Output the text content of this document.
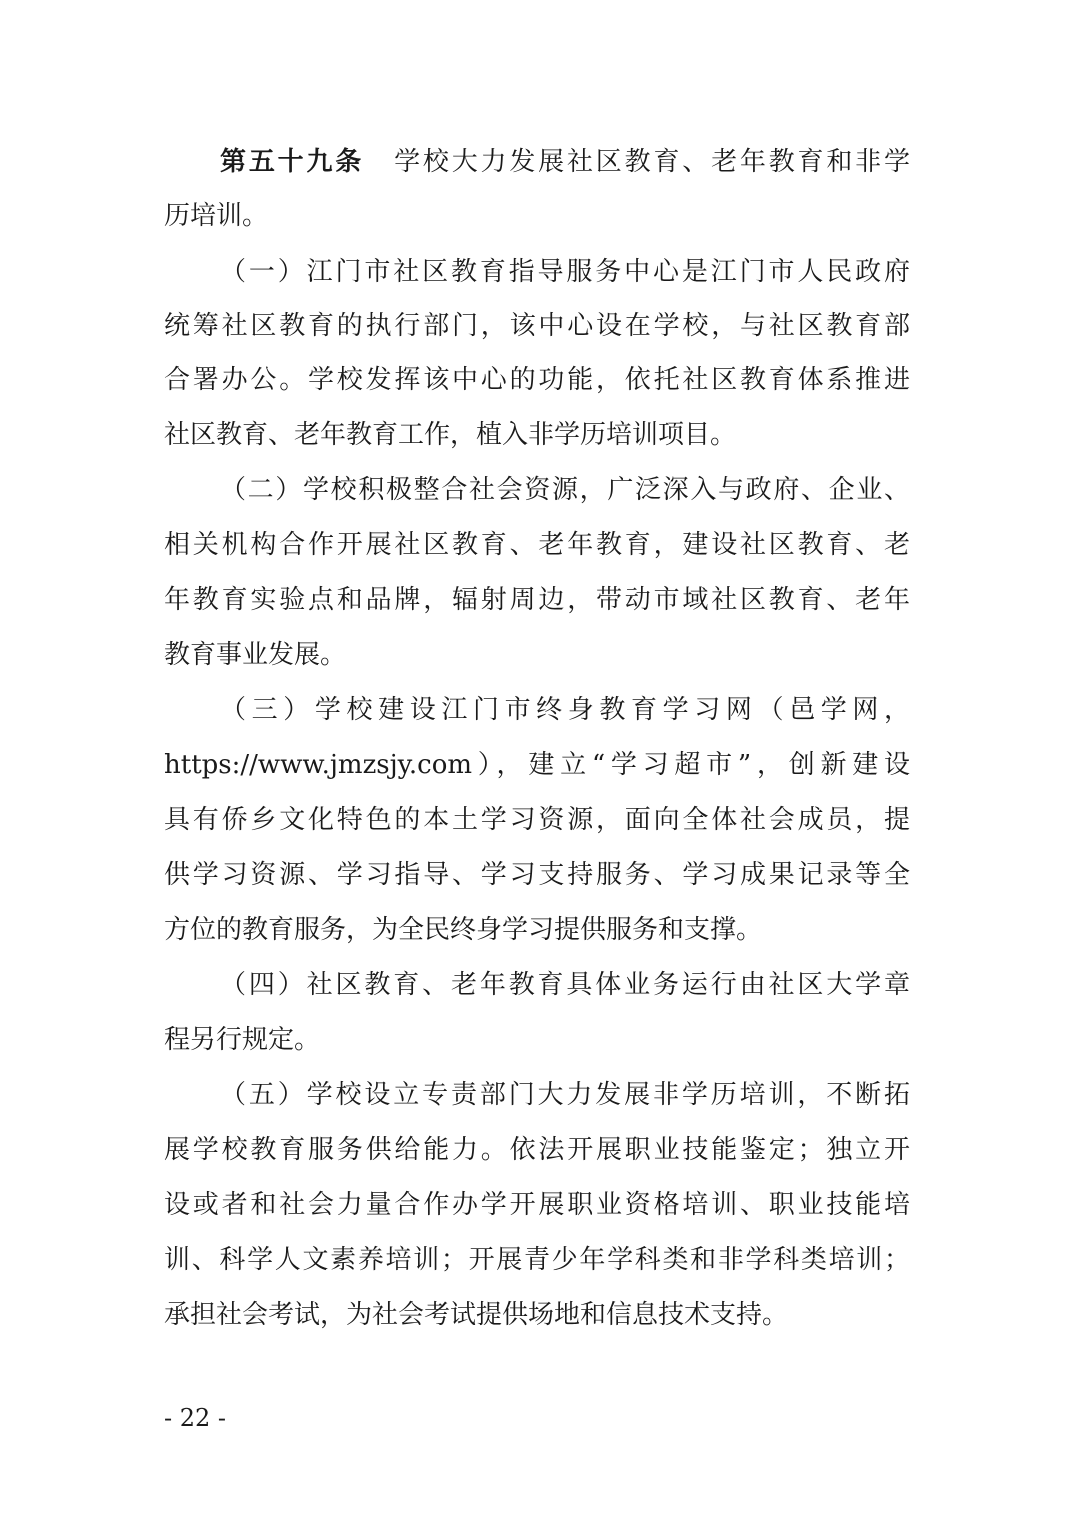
第五十九条 学校大力发展社区教育、老年教育和非学
历培训。
（一）江门市社区教育指导服务中心是江门市人民政府
统筹社区教育的执行部门，该中心设在学校，与社区教育部
合署办公。学校发挥该中心的功能，依托社区教育体系推进
社区教育、老年教育工作，植入非学历培训项目。
（二）学校积极整合社会资源，广泛深入与政府、企业、
相关机构合作开展社区教育、老年教育，建设社区教育、老
年教育实验点和品牌，辐射周边，带动市域社区教育、老年
教育事业发展。
（三）学校建设江门市终身教育学习网（邑学网，
https://www.jmzsjy.com），建立“学习超市”，创新建设
具有侨乡文化特色的本土学习资源，面向全体社会成员，提
供学习资源、学习指导、学习支持服务、学习成果记录等全
方位的教育服务，为全民终身学习提供服务和支撑。
（四）社区教育、老年教育具体业务运行由社区大学章
程另行规定。
（五）学校设立专责部门大力发展非学历培训，不断拓
展学校教育服务供给能力。依法开展职业技能鉴定；独立开
设或者和社会力量合作办学开展职业资格培训、职业技能培
训、科学人文素养培训；开展青少年学科类和非学科类培训；
承担社会考试，为社会考试提供场地和信息技术支持。
- 22 -
